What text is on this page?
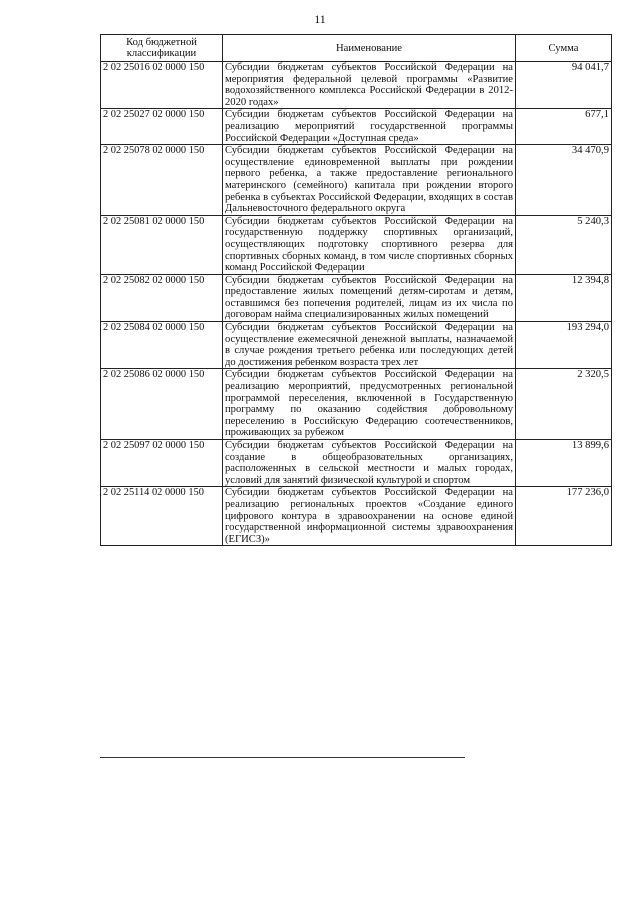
11
Код бюджетной классификации	Наименование	Сумма
2 02 25016 02 0000 150	Субсидии бюджетам субъектов Российской Федерации на мероприятия федеральной целевой программы «Развитие водохозяйственного комплекса Российской Федерации в 2012-2020 годах»	94 041,7
2 02 25027 02 0000 150	Субсидии бюджетам субъектов Российской Федерации на реализацию мероприятий государственной программы Российской Федерации «Доступная среда»	677,1
2 02 25078 02 0000 150	Субсидии бюджетам субъектов Российской Федерации на осуществление единовременной выплаты при рождении первого ребенка, а также предоставление регионального материнского (семейного) капитала при рождении второго ребенка в субъектах Российской Федерации, входящих в состав Дальневосточного федерального округа	34 470,9
2 02 25081 02 0000 150	Субсидии бюджетам субъектов Российской Федерации на государственную поддержку спортивных организаций, осуществляющих подготовку спортивного резерва для спортивных сборных команд, в том числе спортивных сборных команд Российской Федерации	5 240,3
2 02 25082 02 0000 150	Субсидии бюджетам субъектов Российской Федерации на предоставление жилых помещений детям-сиротам и детям, оставшимся без попечения родителей, лицам из их числа по договорам найма специализированных жилых помещений	12 394,8
2 02 25084 02 0000 150	Субсидии бюджетам субъектов Российской Федерации на осуществление ежемесячной денежной выплаты, назначаемой в случае рождения третьего ребенка или последующих детей до достижения ребенком возраста трех лет	193 294,0
2 02 25086 02 0000 150	Субсидии бюджетам субъектов Российской Федерации на реализацию мероприятий, предусмотренных региональной программой переселения, включенной в Государственную программу по оказанию содействия добровольному переселению в Российскую Федерацию соотечественников, проживающих за рубежом	2 320,5
2 02 25097 02 0000 150	Субсидии бюджетам субъектов Российской Федерации на создание в общеобразовательных организациях, расположенных в сельской местности и малых городах, условий для занятий физической культурой и спортом	13 899,6
2 02 25114 02 0000 150	Субсидии бюджетам субъектов Российской Федерации на реализацию региональных проектов «Создание единого цифрового контура в здравоохранении на основе единой государственной информационной системы здравоохранения (ЕГИСЗ)»	177 236,0
